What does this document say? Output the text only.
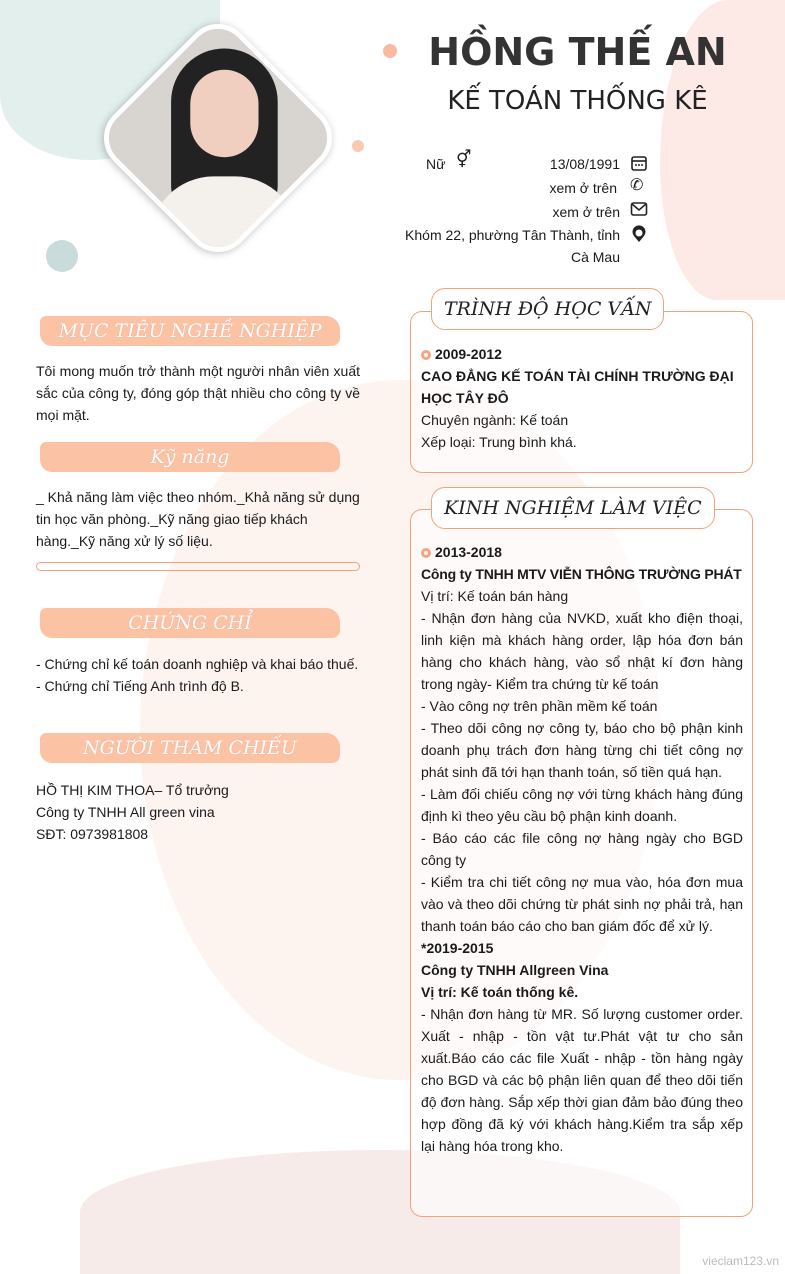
HỒNG THẾ AN
KẾ TOÁN THỐNG KÊ
Nữ ⚥	13/08/1991
xem ở trên ✆
xem ở trên

Khóm 22, phường Tân Thành, tỉnh

Cà Mau

MỤC TIÊU NGHỀ NGHIỆP
Tôi mong muốn trở thành một người nhân viên xuất sắc của công ty, đóng góp thật nhiều cho công ty về mọi mặt.
Kỹ năng
_ Khả năng làm việc theo nhóm._Khả năng sử dụng tin học văn phòng._Kỹ năng giao tiếp khách hàng._Kỹ năng xử lý số liệu.
CHỨNG CHỈ

- Chứng chỉ kế toán doanh nghiệp và khai báo thuế.

- Chứng chỉ Tiếng Anh trình độ B.

NGƯỜI THAM CHIẾU

HỒ THỊ KIM THOA– Tổ trưởng

Công ty TNHH All green vina

SĐT: 0973981808

TRÌNH ĐỘ HỌC VẤN

2009-2012

CAO ĐẲNG KẾ TOÁN TÀI CHÍNH TRƯỜNG ĐẠI HỌC TÂY ĐÔ

Chuyên ngành: Kế toán

Xếp loại: Trung bình khá.

KINH NGHIỆM LÀM VIỆC

2013-2018

Công ty TNHH MTV VIỄN THÔNG TRƯỜNG PHÁT

Vị trí: Kế toán bán hàng

- Nhận đơn hàng của NVKD, xuất kho điện thoại, linh kiện mà khách hàng order, lập hóa đơn bán hàng cho khách hàng, vào sổ nhật kí đơn hàng trong ngày- Kiểm tra chứng từ kế toán

- Vào công nợ trên phần mềm kế toán

- Theo dõi công nợ công ty, báo cho bộ phận kinh doanh phụ trách đơn hàng từng chi tiết công nợ phát sinh đã tới hạn thanh toán, số tiền quá hạn.

- Làm đối chiếu công nợ với từng khách hàng đúng định kì theo yêu cầu bộ phận kinh doanh.

- Báo cáo các file công nợ hàng ngày cho BGD công ty

- Kiểm tra chi tiết công nợ mua vào, hóa đơn mua vào và theo dõi chứng từ phát sinh nợ phải trả, hạn thanh toán báo cáo cho ban giám đốc để xử lý.

*2019-2015

Công ty TNHH Allgreen Vina

Vị trí: Kế toán thống kê.

- Nhận đơn hàng từ MR. Số lượng customer order. Xuất - nhập - tồn vật tư.Phát vật tư cho sản xuất.Báo cáo các file Xuất - nhập - tồn hàng ngày cho BGD và các bộ phận liên quan để theo dõi tiến độ đơn hàng. Sắp xếp thời gian đảm bảo đúng theo hợp đồng đã ký với khách hàng.Kiểm tra sắp xếp lại hàng hóa trong kho.

vieclam123.vn
